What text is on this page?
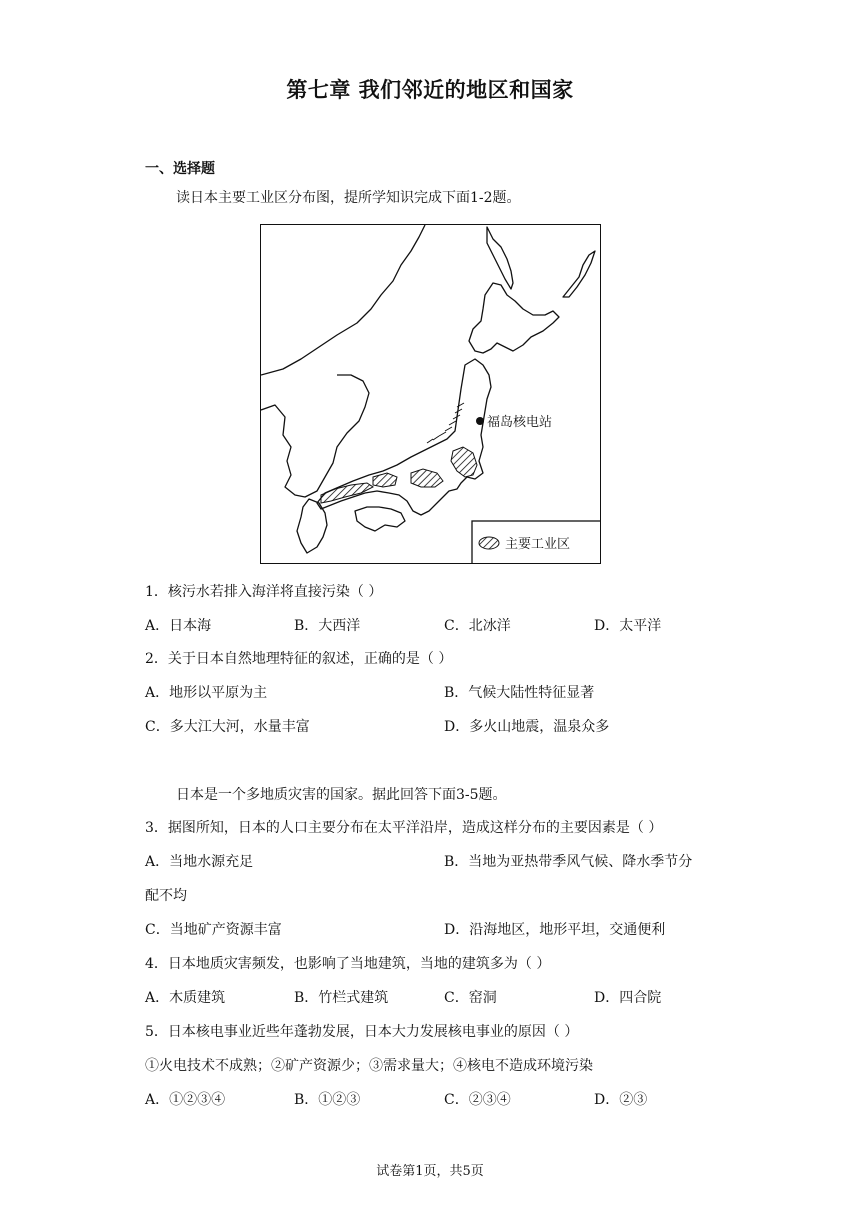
第七章 我们邻近的地区和国家
一、选择题
读日本主要工业区分布图，提所学知识完成下面1-2题。
福岛核电站
主要工业区
1．核污水若排入海洋将直接污染（ ）
A．日本海	B．大西洋	C．北冰洋	D．太平洋
2．关于日本自然地理特征的叙述，正确的是（ ）
A．地形以平原为主	B．气候大陆性特征显著
C．多大江大河，水量丰富	D．多火山地震，温泉众多
日本是一个多地质灾害的国家。据此回答下面3-5题。
3．据图所知，日本的人口主要分布在太平洋沿岸，造成这样分布的主要因素是（ ）
A．当地水源充足	B．当地为亚热带季风气候、降水季节分
配不均
C．当地矿产资源丰富	D．沿海地区，地形平坦，交通便利
4．日本地质灾害频发，也影响了当地建筑，当地的建筑多为（ ）
A．木质建筑	B．竹栏式建筑	C．窑洞	D．四合院
5．日本核电事业近些年蓬勃发展，日本大力发展核电事业的原因（ ）
①火电技术不成熟；②矿产资源少；③需求量大；④核电不造成环境污染
A．①②③④	B．①②③	C．②③④	D．②③
试卷第1页，共5页
